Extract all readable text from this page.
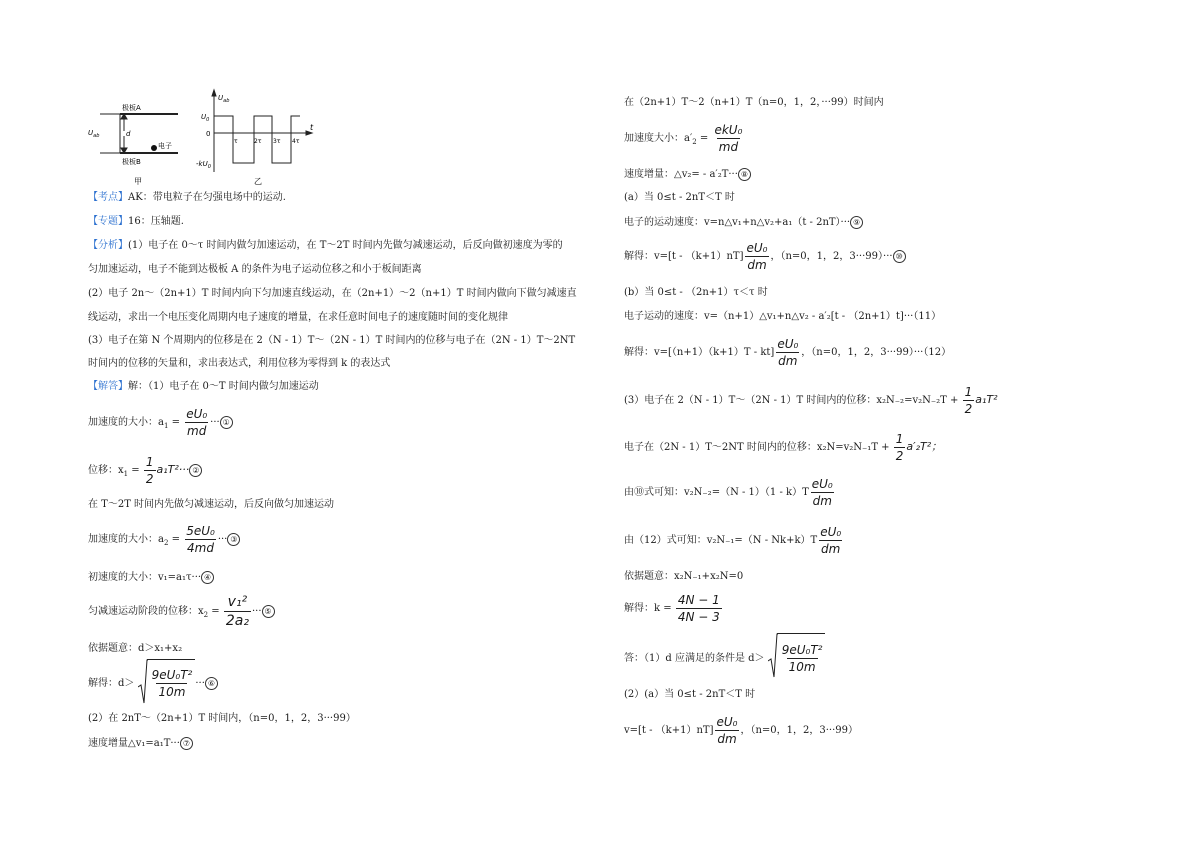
极板A
极板B
d
电子
$U_{ab}$
甲
$U_{ab}$
$U_0$
0
$-kU_0$
t
τ	2τ 3τ 4τ
乙
【考点】AK：带电粒子在匀强电场中的运动.
【专题】16：压轴题.
【分析】(1）电子在 0～τ 时间内做匀加速运动，在 T～2T 时间内先做匀减速运动，后反向做初速度为零的
匀加速运动，电子不能到达极板 A 的条件为电子运动位移之和小于板间距离
(2）电子 2n～（2n+1）T 时间内向下匀加速直线运动，在（2n+1）～2（n+1）T 时间内做向下做匀减速直
线运动，求出一个电压变化周期内电子速度的增量，在求任意时间电子的速度随时间的变化规律
(3）电子在第 N 个周期内的位移是在 2（N - 1）T～（2N - 1）T 时间内的位移与电子在（2N - 1）T～2NT
时间内的位移的矢量和，求出表达式，利用位移为零得到 k 的表达式
【解答】解：（1）电子在 0～T 时间内做匀加速运动
加速度的大小：$a_1 = \frac{\text{eU₀}}{md}$ ··· ①
位移：$x_1 = \frac{1}{2} a_1T^2\cdot\cdot\cdot$ ②
在 T～2T 时间内先做匀减速运动，后反向做匀加速运动
加速度的大小：$a_2 = \frac{\text{5eU₀}}{4md}$ ··· ③
初速度的大小：v₁=a₁τ··· ④
匀减速运动阶段的位移：$x_2 = \frac{\text{v₁²}}{\text{2a₂}}$ ··· ⑤
依据题意：d＞x₁+x₂
解得：$d> \frac{\text{9eU₀T²}}{10m}$ ··· ⑥
(2）在 2nT～（2n+1）T 时间内，（n=0，1，2，3···99）
速度增量△v₁=a₁T··· ⑦
在（2n+1）T～2（n+1）T（n=0，1，2，···99）时间内
加速度大小：$a'_2 = \frac{\text{ekU₀}}{md}$
速度增量：△v₂= - a′₂T··· ⑧
(a）当 0≤t - 2nT＜T 时
电子的运动速度：v=n△v₁+n△v₂+a₁（t - 2nT）··· ⑨
解得：$v=[t - (k+1)nT] \frac{\text{eU₀}}{dm}$ ，（n=0，1，2，3···99）··· ⑩
(b）当 0≤t - （2n+1）τ＜τ 时
电子运动的速度：v=（n+1）△v₁+n△v₂ - a′₂[t - （2n+1）t]···（11）
解得：$v=[(n+1)(k+1)T - kt] \frac{\text{eU₀}}{dm}$ ，（n=0，1，2，3···99）···（12）
(3）电子在 2（N - 1）T～（2N - 1）T 时间内的位移：$x_2N_{-2}=v_2N_{-2}T + \frac{1}{2} a_1T^2$
电子在（2N - 1）T～2NT 时间内的位移：$x_2N=v_2N_{-1}T + \frac{1}{2} a'_2T^2$；
由⑩式可知：$v_2N_{-2}=(N - 1)(1 - k)T \frac{\text{eU₀}}{dm}$
由（12）式可知：$v_2N_{-1}=(N - Nk+k)T \frac{\text{eU₀}}{dm}$
依据题意：x₂N₋₁+x₂N=0
解得：$k = \frac{4N - 1}{4N - 3}$
答：（1）d 应满足的条件是 $d> \frac{\text{9eU₀T²}}{10m}$
(2）(a）当 0≤t - 2nT＜T 时
$v=[t - (k+1)nT] \frac{\text{eU₀}}{dm}$ ，（n=0，1，2，3···99）
